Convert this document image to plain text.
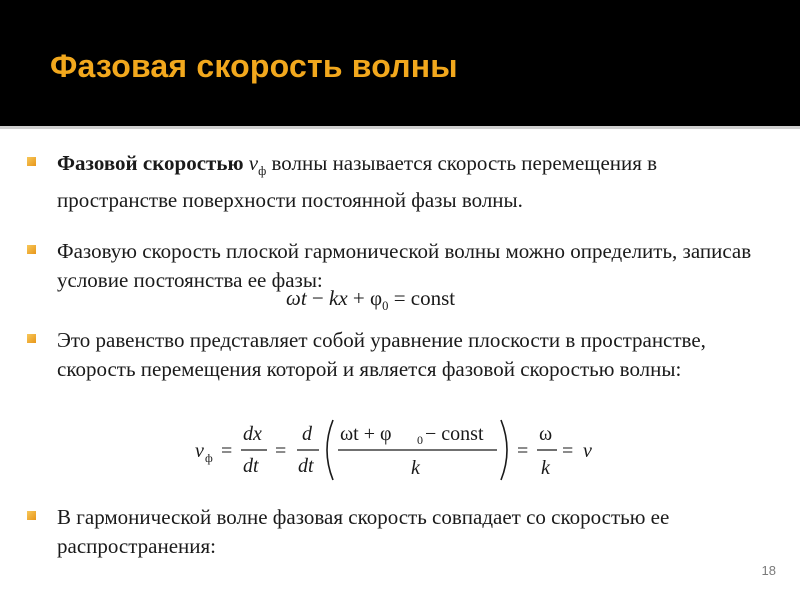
Фазовая скорость волны
Фазовой скоростью $v_ф$ волны называется скорость перемещения в пространстве поверхности постоянной фазы волны.
Фазовую скорость плоской гармонической волны можно определить, записав условие постоянства ее фазы:
ωt − kx + $\varphi_0$ = const
Это равенство представляет собой уравнение плоскости в пространстве, скорость перемещения которой и является фазовой скоростью волны:
v ф =
dx
dt
=
d
dt
ωt + φ 0 − const
k
=
ω
k
= v
В гармонической волне фазовая скорость совпадает со скоростью ее распространения:
18
